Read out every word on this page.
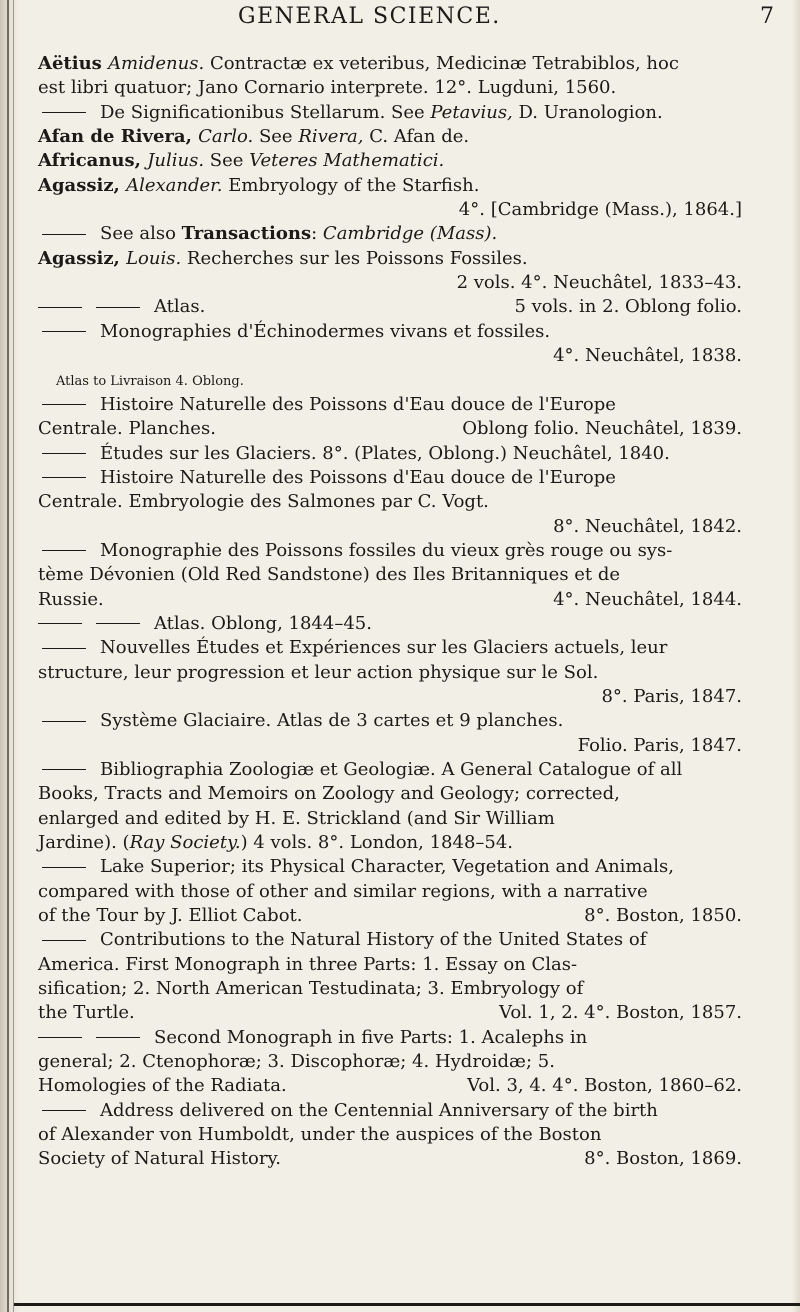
GENERAL SCIENCE.	7
Aëtius Amidenus. Contractæ ex veteribus, Medicinæ Tetrabiblos, hoc
est libri quatuor; Jano Cornario interprete. 12°. Lugduni, 1560.
De Significationibus Stellarum. See Petavius, D. Uranologion.
Afan de Rivera, Carlo. See Rivera, C. Afan de.
Africanus, Julius. See Veteres Mathematici.
Agassiz, Alexander. Embryology of the Starfish.
4°. [Cambridge (Mass.), 1864.]
See also Transactions: Cambridge (Mass).
Agassiz, Louis. Recherches sur les Poissons Fossiles.
2 vols. 4°. Neuchâtel, 1833–43.
Atlas.	5 vols. in 2. Oblong folio.
Monographies d'Échinodermes vivans et fossiles.
4°. Neuchâtel, 1838.
Atlas to Livraison 4. Oblong.
Histoire Naturelle des Poissons d'Eau douce de l'Europe
Centrale. Planches.	Oblong folio. Neuchâtel, 1839.
Études sur les Glaciers. 8°. (Plates, Oblong.) Neuchâtel, 1840.
Histoire Naturelle des Poissons d'Eau douce de l'Europe
Centrale. Embryologie des Salmones par C. Vogt.
8°. Neuchâtel, 1842.
Monographie des Poissons fossiles du vieux grès rouge ou sys-
tème Dévonien (Old Red Sandstone) des Iles Britanniques et de
Russie.	4°. Neuchâtel, 1844.
Atlas. Oblong, 1844–45.
Nouvelles Études et Expériences sur les Glaciers actuels, leur
structure, leur progression et leur action physique sur le Sol.
8°. Paris, 1847.
Système Glaciaire. Atlas de 3 cartes et 9 planches.
Folio. Paris, 1847.
Bibliographia Zoologiæ et Geologiæ. A General Catalogue of all
Books, Tracts and Memoirs on Zoology and Geology; corrected,
enlarged and edited by H. E. Strickland (and Sir William
Jardine). (Ray Society.) 4 vols. 8°. London, 1848–54.
Lake Superior; its Physical Character, Vegetation and Animals,
compared with those of other and similar regions, with a narrative
of the Tour by J. Elliot Cabot.	8°. Boston, 1850.
Contributions to the Natural History of the United States of
America. First Monograph in three Parts: 1. Essay on Clas-
sification; 2. North American Testudinata; 3. Embryology of
the Turtle.	Vol. 1, 2. 4°. Boston, 1857.
Second Monograph in five Parts: 1. Acalephs in
general; 2. Ctenophoræ; 3. Discophoræ; 4. Hydroidæ; 5.
Homologies of the Radiata.	Vol. 3, 4. 4°. Boston, 1860–62.
Address delivered on the Centennial Anniversary of the birth
of Alexander von Humboldt, under the auspices of the Boston
Society of Natural History.	8°. Boston, 1869.
